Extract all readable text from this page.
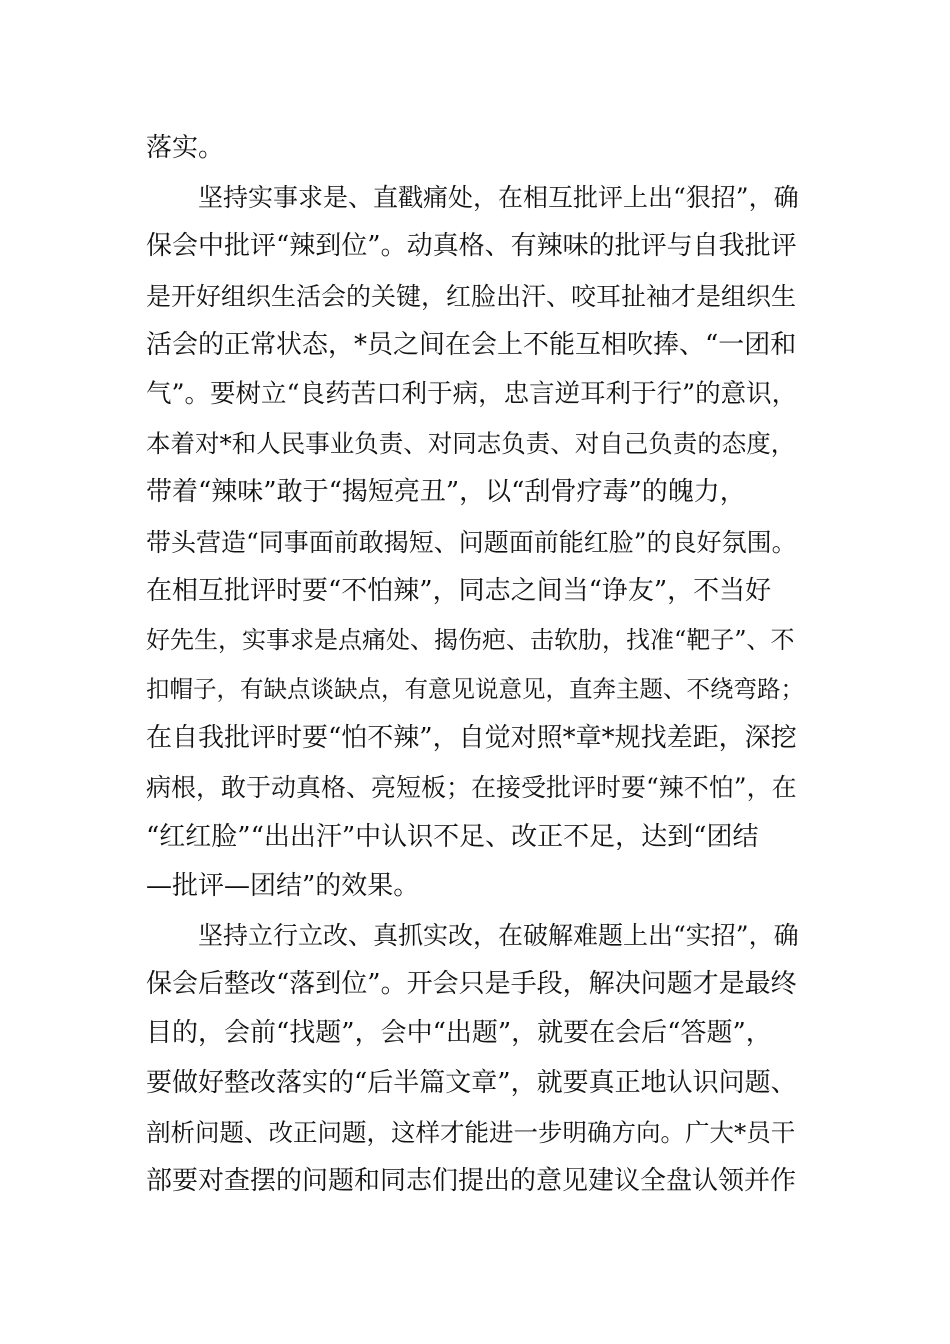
落实。
坚持实事求是、直戳痛处，在相互批评上出“狠招”，确
保会中批评“辣到位”。动真格、有辣味的批评与自我批评
是开好组织生活会的关键，红脸出汗、咬耳扯袖才是组织生
活会的正常状态，*员之间在会上不能互相吹捧、“一团和
气”。要树立“良药苦口利于病，忠言逆耳利于行”的意识，
本着对*和人民事业负责、对同志负责、对自己负责的态度，
带着“辣味”敢于“揭短亮丑”，以“刮骨疗毒”的魄力，
带头营造“同事面前敢揭短、问题面前能红脸”的良好氛围。
在相互批评时要“不怕辣”，同志之间当“诤友”，不当好
好先生，实事求是点痛处、揭伤疤、击软肋，找准“靶子”、不
扣帽子，有缺点谈缺点，有意见说意见，直奔主题、不绕弯路；
在自我批评时要“怕不辣”，自觉对照*章*规找差距，深挖
病根，敢于动真格、亮短板；在接受批评时要“辣不怕”，在
“红红脸”“出出汗”中认识不足、改正不足，达到“团结
—批评—团结”的效果。
坚持立行立改、真抓实改，在破解难题上出“实招”，确
保会后整改“落到位”。开会只是手段，解决问题才是最终
目的，会前“找题”，会中“出题”，就要在会后“答题”，
要做好整改落实的“后半篇文章”，就要真正地认识问题、
剖析问题、改正问题，这样才能进一步明确方向。广大*员干
部要对查摆的问题和同志们提出的意见建议全盘认领并作
